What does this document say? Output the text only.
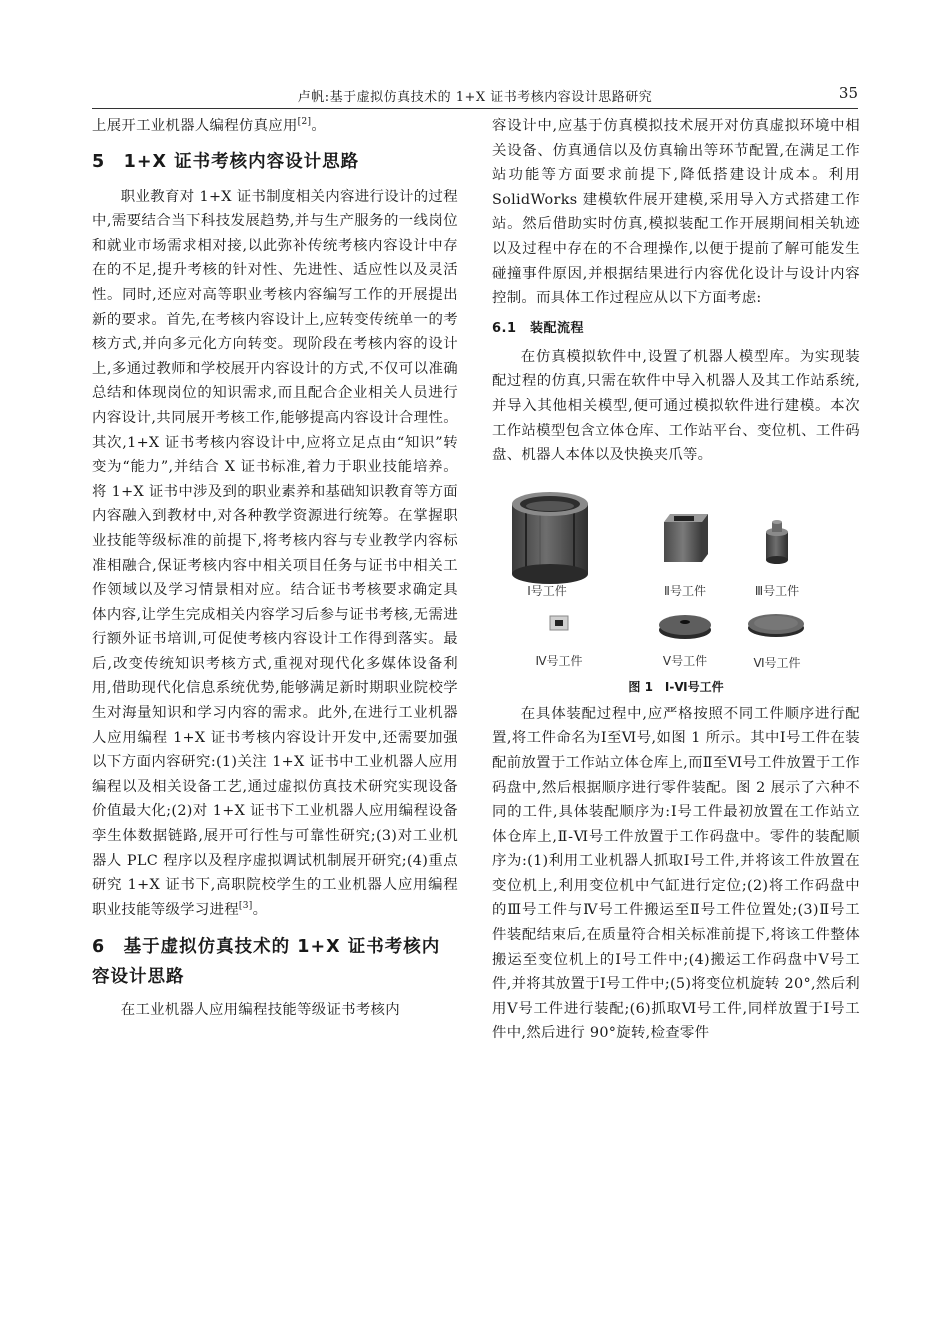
卢帆:基于虚拟仿真技术的 1+X 证书考核内容设计思路研究	35

上展开工业机器人编程仿真应用[2]。

5　1+X 证书考核内容设计思路

职业教育对 1+X 证书制度相关内容进行设计的过程中,需要结合当下科技发展趋势,并与生产服务的一线岗位和就业市场需求相对接,以此弥补传统考核内容设计中存在的不足,提升考核的针对性、先进性、适应性以及灵活性。同时,还应对高等职业考核内容编写工作的开展提出新的要求。首先,在考核内容设计上,应转变传统单一的考核方式,并向多元化方向转变。现阶段在考核内容的设计上,多通过教师和学校展开内容设计的方式,不仅可以准确总结和体现岗位的知识需求,而且配合企业相关人员进行内容设计,共同展开考核工作,能够提高内容设计合理性。其次,1+X 证书考核内容设计中,应将立足点由“知识”转变为“能力”,并结合 X 证书标准,着力于职业技能培养。将 1+X 证书中涉及到的职业素养和基础知识教育等方面内容融入到教材中,对各种教学资源进行统筹。在掌握职业技能等级标准的前提下,将考核内容与专业教学内容标准相融合,保证考核内容中相关项目任务与证书中相关工作领域以及学习情景相对应。结合证书考核要求确定具体内容,让学生完成相关内容学习后参与证书考核,无需进行额外证书培训,可促使考核内容设计工作得到落实。最后,改变传统知识考核方式,重视对现代化多媒体设备利用,借助现代化信息系统优势,能够满足新时期职业院校学生对海量知识和学习内容的需求。此外,在进行工业机器人应用编程 1+X 证书考核内容设计开发中,还需要加强以下方面内容研究:(1)关注 1+X 证书中工业机器人应用编程以及相关设备工艺,通过虚拟仿真技术研究实现设备价值最大化;(2)对 1+X 证书下工业机器人应用编程设备孪生体数据链路,展开可行性与可靠性研究;(3)对工业机器人 PLC 程序以及程序虚拟调试机制展开研究;(4)重点研究 1+X 证书下,高职院校学生的工业机器人应用编程职业技能等级学习进程[3]。

6　基于虚拟仿真技术的 1+X 证书考核内容设计思路

在工业机器人应用编程技能等级证书考核内

容设计中,应基于仿真模拟技术展开对仿真虚拟环境中相关设备、仿真通信以及仿真输出等环节配置,在满足工作站功能等方面要求前提下,降低搭建设计成本。利用 SolidWorks 建模软件展开建模,采用导入方式搭建工作站。然后借助实时仿真,模拟装配工作开展期间相关轨迹以及过程中存在的不合理操作,以便于提前了解可能发生碰撞事件原因,并根据结果进行内容优化设计与设计内容控制。而具体工作过程应从以下方面考虑:

6.1　装配流程

在仿真模拟软件中,设置了机器人模型库。为实现装配过程的仿真,只需在软件中导入机器人及其工作站系统,并导入其他相关模型,便可通过模拟软件进行建模。本次工作站模型包含立体仓库、工作站平台、变位机、工件码盘、机器人本体以及快换夹爪等。

Ⅰ号工件	Ⅱ号工件	Ⅲ号工件
Ⅳ号工件	Ⅴ号工件	Ⅵ号工件
图 1　Ⅰ-Ⅵ号工件

在具体装配过程中,应严格按照不同工件顺序进行配置,将工件命名为Ⅰ至Ⅵ号,如图 1 所示。其中Ⅰ号工件在装配前放置于工作站立体仓库上,而Ⅱ至Ⅵ号工件放置于工作码盘中,然后根据顺序进行零件装配。图 2 展示了六种不同的工件,具体装配顺序为:Ⅰ号工件最初放置在工作站立体仓库上,Ⅱ-Ⅵ号工件放置于工作码盘中。零件的装配顺序为:(1)利用工业机器人抓取Ⅰ号工件,并将该工件放置在变位机上,利用变位机中气缸进行定位;(2)将工作码盘中的Ⅲ号工件与Ⅳ号工件搬运至Ⅱ号工件位置处;(3)Ⅱ号工件装配结束后,在质量符合相关标准前提下,将该工件整体搬运至变位机上的Ⅰ号工件中;(4)搬运工作码盘中Ⅴ号工件,并将其放置于Ⅰ号工件中;(5)将变位机旋转 20°,然后利用Ⅴ号工件进行装配;(6)抓取Ⅵ号工件,同样放置于Ⅰ号工件中,然后进行 90°旋转,检查零件
